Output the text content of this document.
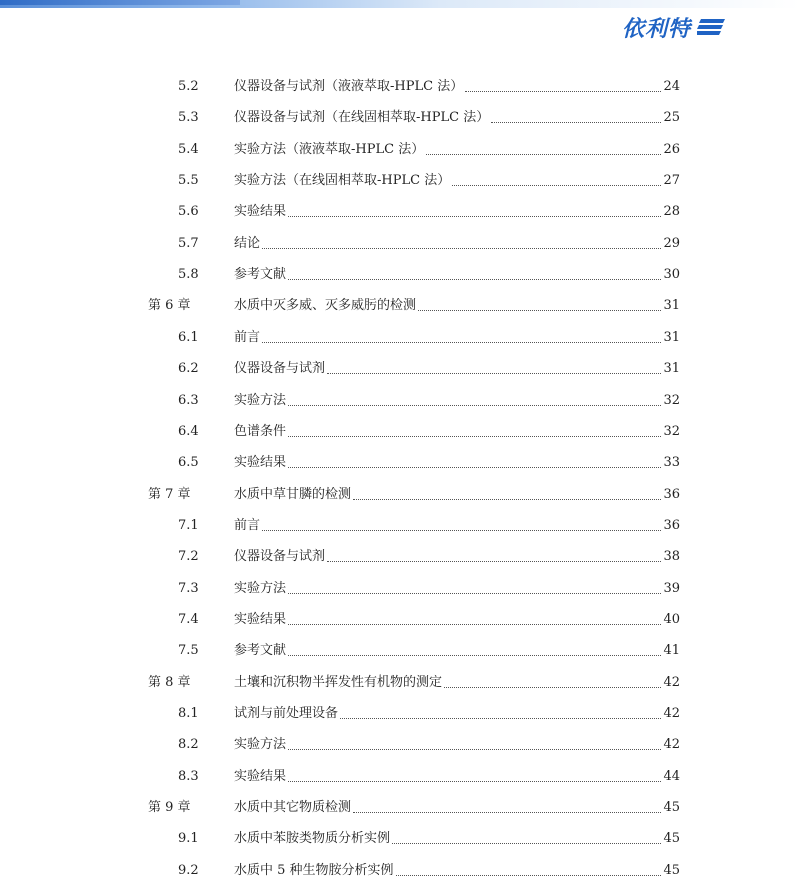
依利特
5.2	仪器设备与试剂（液液萃取-HPLC 法）	24
5.3	仪器设备与试剂（在线固相萃取-HPLC 法）	25
5.4	实验方法（液液萃取-HPLC 法）	26
5.5	实验方法（在线固相萃取-HPLC 法）	27
5.6	实验结果	28
5.7	结论	29
5.8	参考文献	30
第 6 章	水质中灭多威、灭多威肟的检测	31
6.1	前言	31
6.2	仪器设备与试剂	31
6.3	实验方法	32
6.4	色谱条件	32
6.5	实验结果	33
第 7 章	水质中草甘膦的检测	36
7.1	前言	36
7.2	仪器设备与试剂	38
7.3	实验方法	39
7.4	实验结果	40
7.5	参考文献	41
第 8 章	土壤和沉积物半挥发性有机物的测定	42
8.1	试剂与前处理设备	42
8.2	实验方法	42
8.3	实验结果	44
第 9 章	水质中其它物质检测	45
9.1	水质中苯胺类物质分析实例	45
9.2	水质中 5 种生物胺分析实例	45
